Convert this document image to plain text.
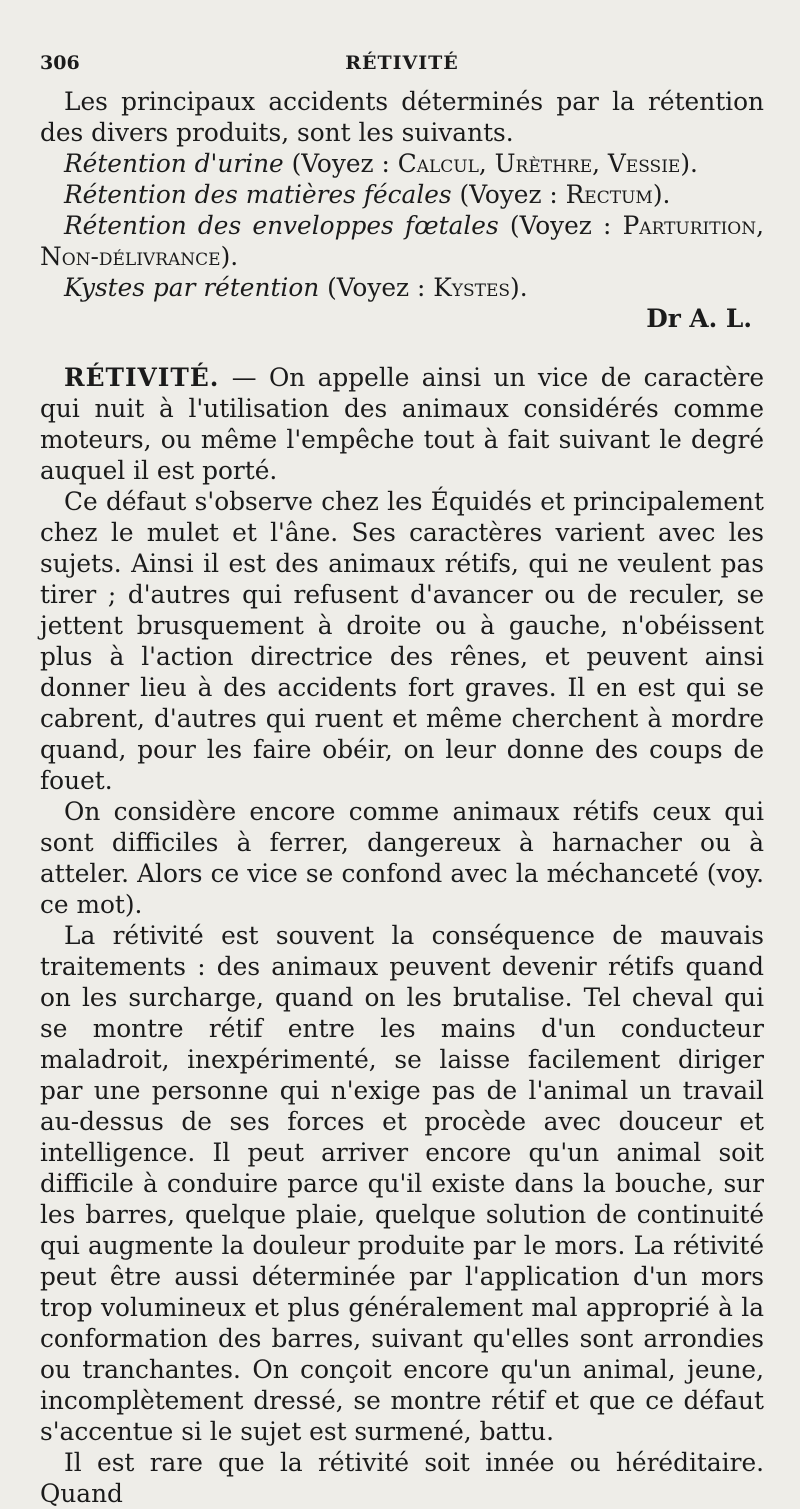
306	RÉTIVITÉ

Les principaux accidents déterminés par la rétention des divers produits, sont les suivants.

Rétention d'urine (Voyez : Calcul, Urèthre, Vessie).

Rétention des matières fécales (Voyez : Rectum).

Rétention des enveloppes fœtales (Voyez : Parturition, Non-délivrance).

Kystes par rétention (Voyez : Kystes).

Dr A. L.

RÉTIVITÉ. — On appelle ainsi un vice de caractère qui nuit à l'utilisation des animaux considérés comme moteurs, ou même l'empêche tout à fait suivant le degré auquel il est porté.

Ce défaut s'observe chez les Équidés et principalement chez le mulet et l'âne. Ses caractères varient avec les sujets. Ainsi il est des animaux rétifs, qui ne veulent pas tirer ; d'autres qui refusent d'avancer ou de reculer, se jettent brusquement à droite ou à gauche, n'obéissent plus à l'action directrice des rênes, et peuvent ainsi donner lieu à des accidents fort graves. Il en est qui se cabrent, d'autres qui ruent et même cherchent à mordre quand, pour les faire obéir, on leur donne des coups de fouet.

On considère encore comme animaux rétifs ceux qui sont difficiles à ferrer, dangereux à harnacher ou à atteler. Alors ce vice se confond avec la méchanceté (voy. ce mot).

La rétivité est souvent la conséquence de mauvais traitements : des animaux peuvent devenir rétifs quand on les surcharge, quand on les brutalise. Tel cheval qui se montre rétif entre les mains d'un conducteur maladroit, inexpérimenté, se laisse facilement diriger par une personne qui n'exige pas de l'animal un travail au-dessus de ses forces et procède avec douceur et intelligence. Il peut arriver encore qu'un animal soit difficile à conduire parce qu'il existe dans la bouche, sur les barres, quelque plaie, quelque solution de continuité qui augmente la douleur produite par le mors. La rétivité peut être aussi déterminée par l'application d'un mors trop volumineux et plus généralement mal approprié à la conformation des barres, suivant qu'elles sont arrondies ou tranchantes. On conçoit encore qu'un animal, jeune, incomplètement dressé, se montre rétif et que ce défaut s'accentue si le sujet est surmené, battu.

Il est rare que la rétivité soit innée ou héréditaire. Quand
